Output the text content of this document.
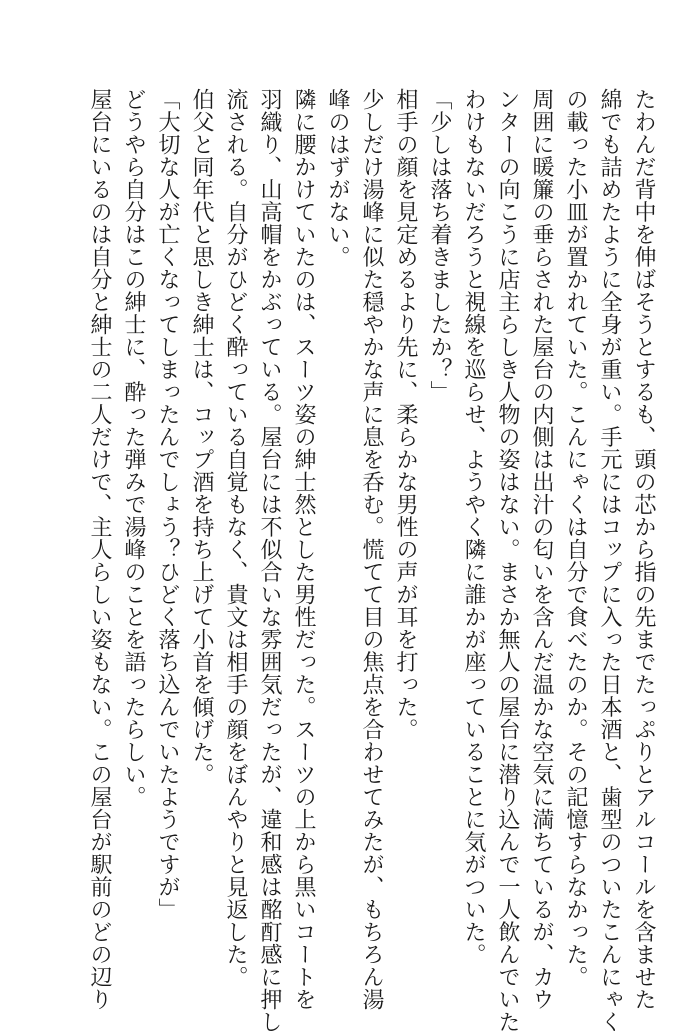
たわんだ背中を伸ばそうとするも、頭の芯から指の先までたっぷりとアルコールを含ませた
綿でも詰めたように全身が重い。手元にはコップに入った日本酒と、歯型のついたこんにゃく
の載った小皿が置かれていた。こんにゃくは自分で食べたのか。その記憶すらなかった。
周囲に暖簾の垂らされた屋台の内側は出汁の匂いを含んだ温かな空気に満ちているが、カウ
ンターの向こうに店主らしき人物の姿はない。まさか無人の屋台に潜り込んで一人飲んでいた
わけもないだろうと視線を巡らせ、ようやく隣に誰かが座っていることに気がついた。
「少しは落ち着きましたか？」
相手の顔を見定めるより先に、柔らかな男性の声が耳を打った。
少しだけ湯峰に似た穏やかな声に息を呑む。慌てて目の焦点を合わせてみたが、もちろん湯
峰のはずがない。
隣に腰かけていたのは、スーツ姿の紳士然とした男性だった。スーツの上から黒いコートを
羽織り、山高帽をかぶっている。屋台には不似合いな雰囲気だったが、違和感は酩酊感に押し
流される。自分がひどく酔っている自覚もなく、貴文は相手の顔をぼんやりと見返した。
伯父と同年代と思しき紳士は、コップ酒を持ち上げて小首を傾げた。
「大切な人が亡くなってしまったんでしょう？ひどく落ち込んでいたようですが」
どうやら自分はこの紳士に、酔った弾みで湯峰のことを語ったらしい。
屋台にいるのは自分と紳士の二人だけで、主人らしい姿もない。この屋台が駅前のどの辺り
